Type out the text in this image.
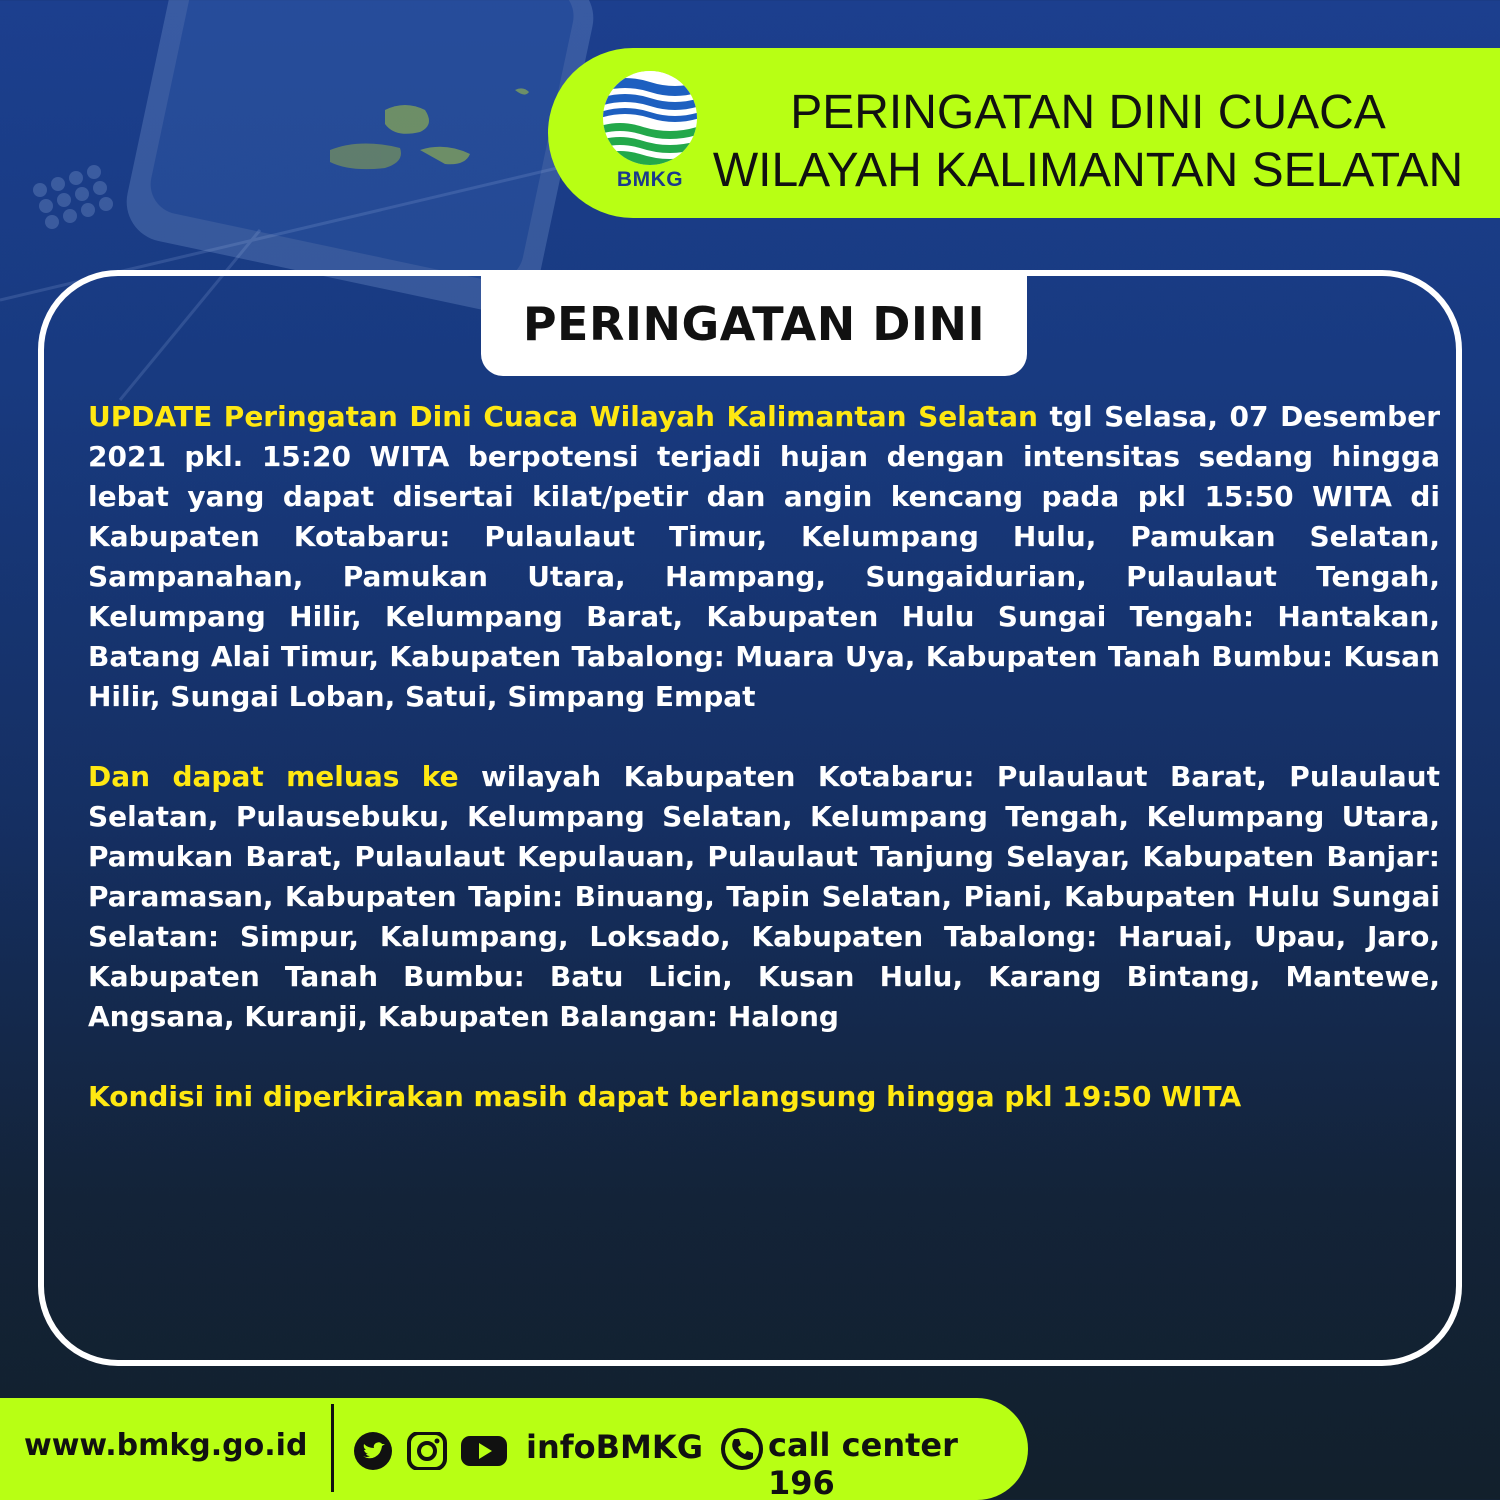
BMKG
PERINGATAN DINI CUACA
WILAYAH KALIMANTAN SELATAN
PERINGATAN DINI

UPDATE Peringatan Dini Cuaca Wilayah Kalimantan Selatan tgl Selasa, 07 Desember 2021 pkl. 15:20 WITA berpotensi terjadi hujan dengan intensitas sedang hingga lebat yang dapat disertai kilat/petir dan angin kencang pada pkl 15:50 WITA di Kabupaten Kotabaru: Pulaulaut Timur, Kelumpang Hulu, Pamukan Selatan, Sampanahan, Pamukan Utara, Hampang, Sungaidurian, Pulaulaut Tengah, Kelumpang Hilir, Kelumpang Barat, Kabupaten Hulu Sungai Tengah: Hantakan, Batang Alai Timur, Kabupaten Tabalong: Muara Uya, Kabupaten Tanah Bumbu: Kusan Hilir, Sungai Loban, Satui, Simpang Empat

Dan dapat meluas ke wilayah Kabupaten Kotabaru: Pulaulaut Barat, Pulaulaut Selatan, Pulausebuku, Kelumpang Selatan, Kelumpang Tengah, Kelumpang Utara, Pamukan Barat, Pulaulaut Kepulauan, Pulaulaut Tanjung Selayar, Kabupaten Banjar: Paramasan, Kabupaten Tapin: Binuang, Tapin Selatan, Piani, Kabupaten Hulu Sungai Selatan: Simpur, Kalumpang, Loksado, Kabupaten Tabalong: Haruai, Upau, Jaro, Kabupaten Tanah Bumbu: Batu Licin, Kusan Hulu, Karang Bintang, Mantewe, Angsana, Kuranji, Kabupaten Balangan: Halong

Kondisi ini diperkirakan masih dapat berlangsung hingga pkl 19:50 WITA

www.bmkg.go.id	infoBMKG call center 196
